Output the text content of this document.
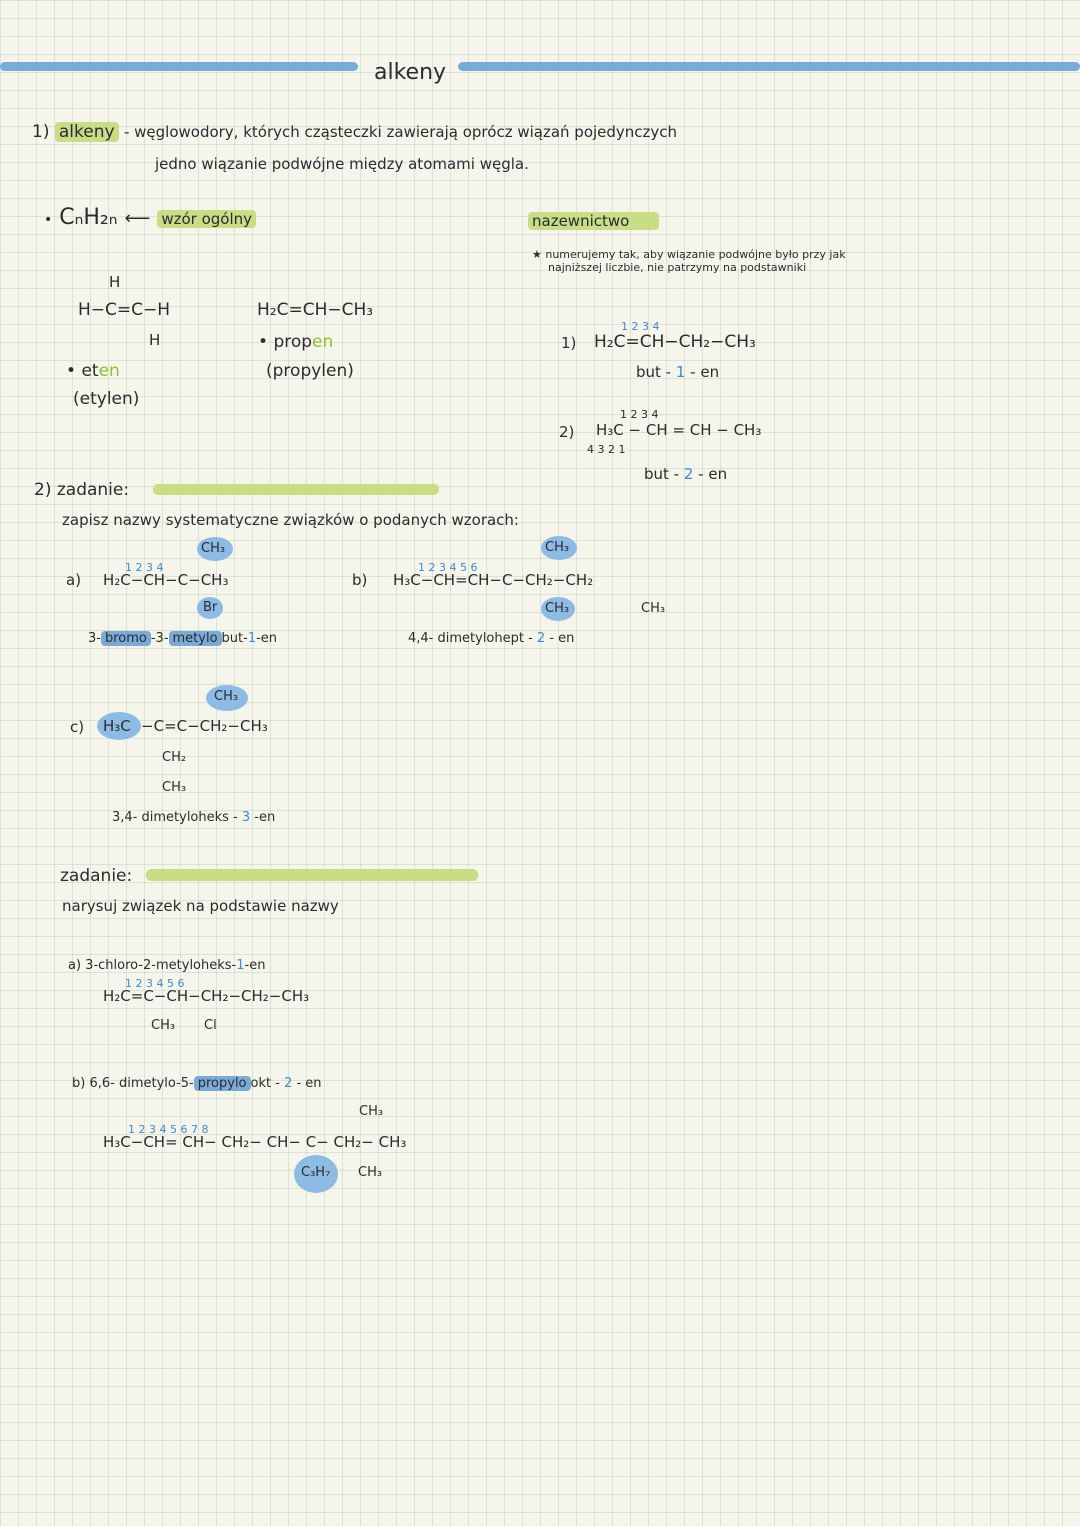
alkeny
1) alkeny - węglowodory, których cząsteczki zawierają oprócz wiązań pojedynczych
jedno wiązanie podwójne między atomami węgla.
• CₙH₂ₙ ⟵ wzór ogólny
H
H−C=C−H
H
• eten
(etylen)
H₂C=CH−CH₃
• propen
(propylen)
nazewnictwo
★ numerujemy tak, aby wiązanie podwójne było przy jak
najniższej liczbie, nie patrzymy na podstawniki
1 2 3 4
1) H₂C=CH−CH₂−CH₃
but - 1 - en
1 2 3 4
2) H₃C − CH = CH − CH₃
4 3 2 1
but - 2 - en
2) zadanie:
zapisz nazwy systematyczne związków o podanych wzorach:
CH₃
1 2 3 4
a) H₂C−CH−C−CH₃
Br
3- bromo -3- metylo but-1-en
CH₃
1 2 3 4 5 6
b) H₃C−CH=CH−C−CH₂−CH₂
CH₃	CH₃
4,4- dimetylohept - 2 - en
CH₃
c) H₃C −C=C−CH₂−CH₃
CH₂
CH₃
3,4- dimetyloheks - 3 -en
zadanie:
narysuj związek na podstawie nazwy
a) 3-chloro-2-metyloheks-1-en
1 2 3 4 5 6
H₂C=C−CH−CH₂−CH₂−CH₃
CH₃ Cl
b) 6,6- dimetylo-5- propylo okt - 2 - en
CH₃
1 2 3 4 5 6 7 8
H₃C−CH= CH− CH₂− CH− C− CH₂− CH₃
C₃H₇ CH₃
